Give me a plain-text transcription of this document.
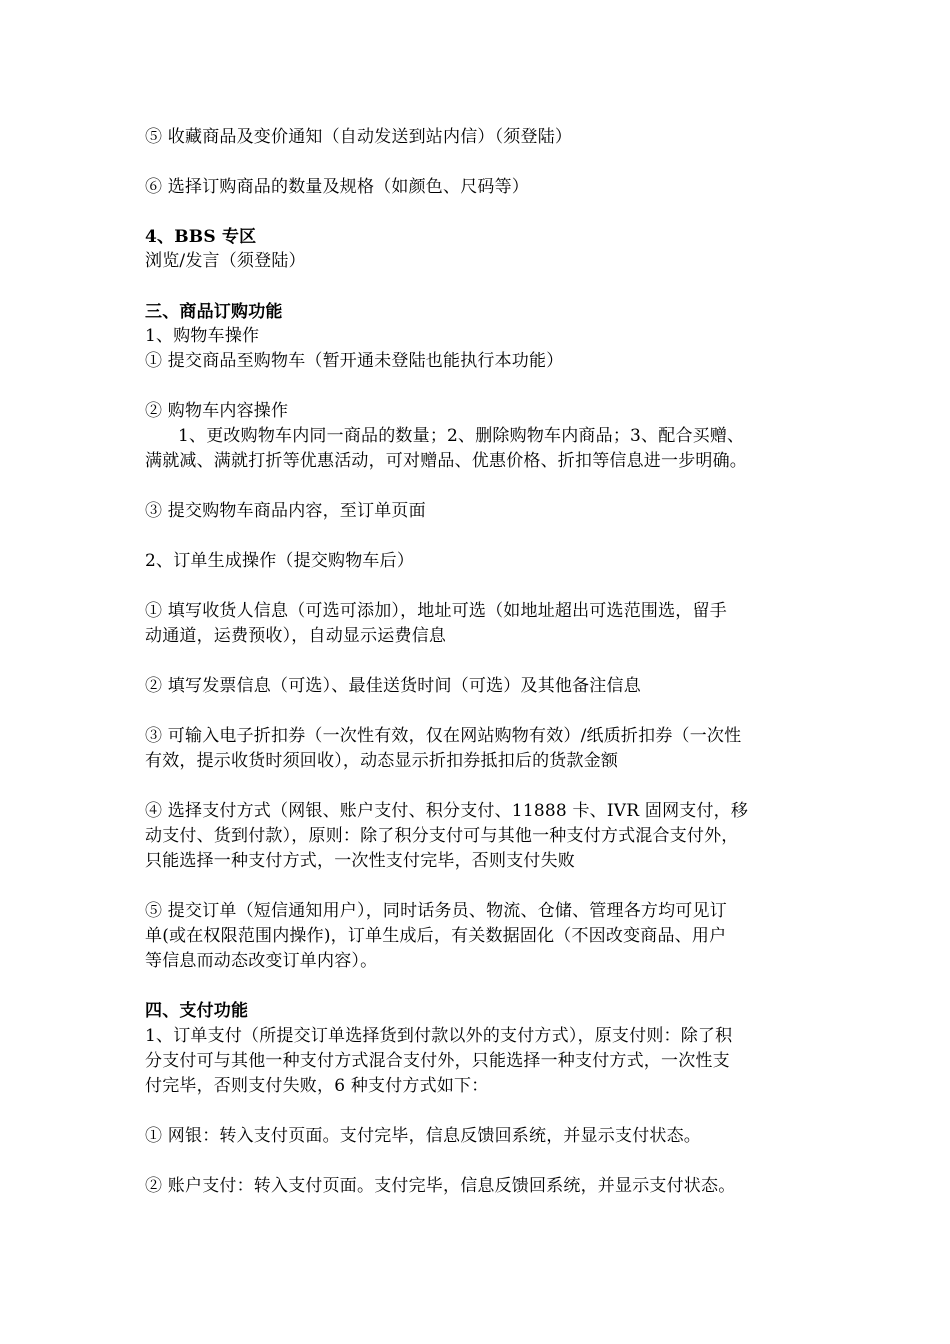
⑤ 收藏商品及变价通知（自动发送到站内信）（须登陆）
⑥ 选择订购商品的数量及规格（如颜色、尺码等）
4、BBS 专区
浏览/发言（须登陆）
三、商品订购功能
1、购物车操作
① 提交商品至购物车（暂开通未登陆也能执行本功能）
② 购物车内容操作
1、更改购物车内同一商品的数量；2、删除购物车内商品；3、配合买赠、
满就减、满就打折等优惠活动，可对赠品、优惠价格、折扣等信息进一步明确。
③ 提交购物车商品内容，至订单页面
2、订单生成操作（提交购物车后）
① 填写收货人信息（可选可添加），地址可选（如地址超出可选范围选，留手
动通道，运费预收），自动显示运费信息
② 填写发票信息（可选）、最佳送货时间（可选）及其他备注信息
③ 可输入电子折扣券（一次性有效，仅在网站购物有效）/纸质折扣券（一次性
有效，提示收货时须回收），动态显示折扣券抵扣后的货款金额
④ 选择支付方式（网银、账户支付、积分支付、11888 卡、IVR 固网支付，移
动支付、货到付款），原则：除了积分支付可与其他一种支付方式混合支付外，
只能选择一种支付方式，一次性支付完毕，否则支付失败
⑤ 提交订单（短信通知用户），同时话务员、物流、仓储、管理各方均可见订
单(或在权限范围内操作)，订单生成后，有关数据固化（不因改变商品、用户
等信息而动态改变订单内容）。
四、支付功能
1、订单支付（所提交订单选择货到付款以外的支付方式），原支付则：除了积
分支付可与其他一种支付方式混合支付外，只能选择一种支付方式，一次性支
付完毕，否则支付失败，6 种支付方式如下：
① 网银：转入支付页面。支付完毕，信息反馈回系统，并显示支付状态。
② 账户支付：转入支付页面。支付完毕，信息反馈回系统，并显示支付状态。
